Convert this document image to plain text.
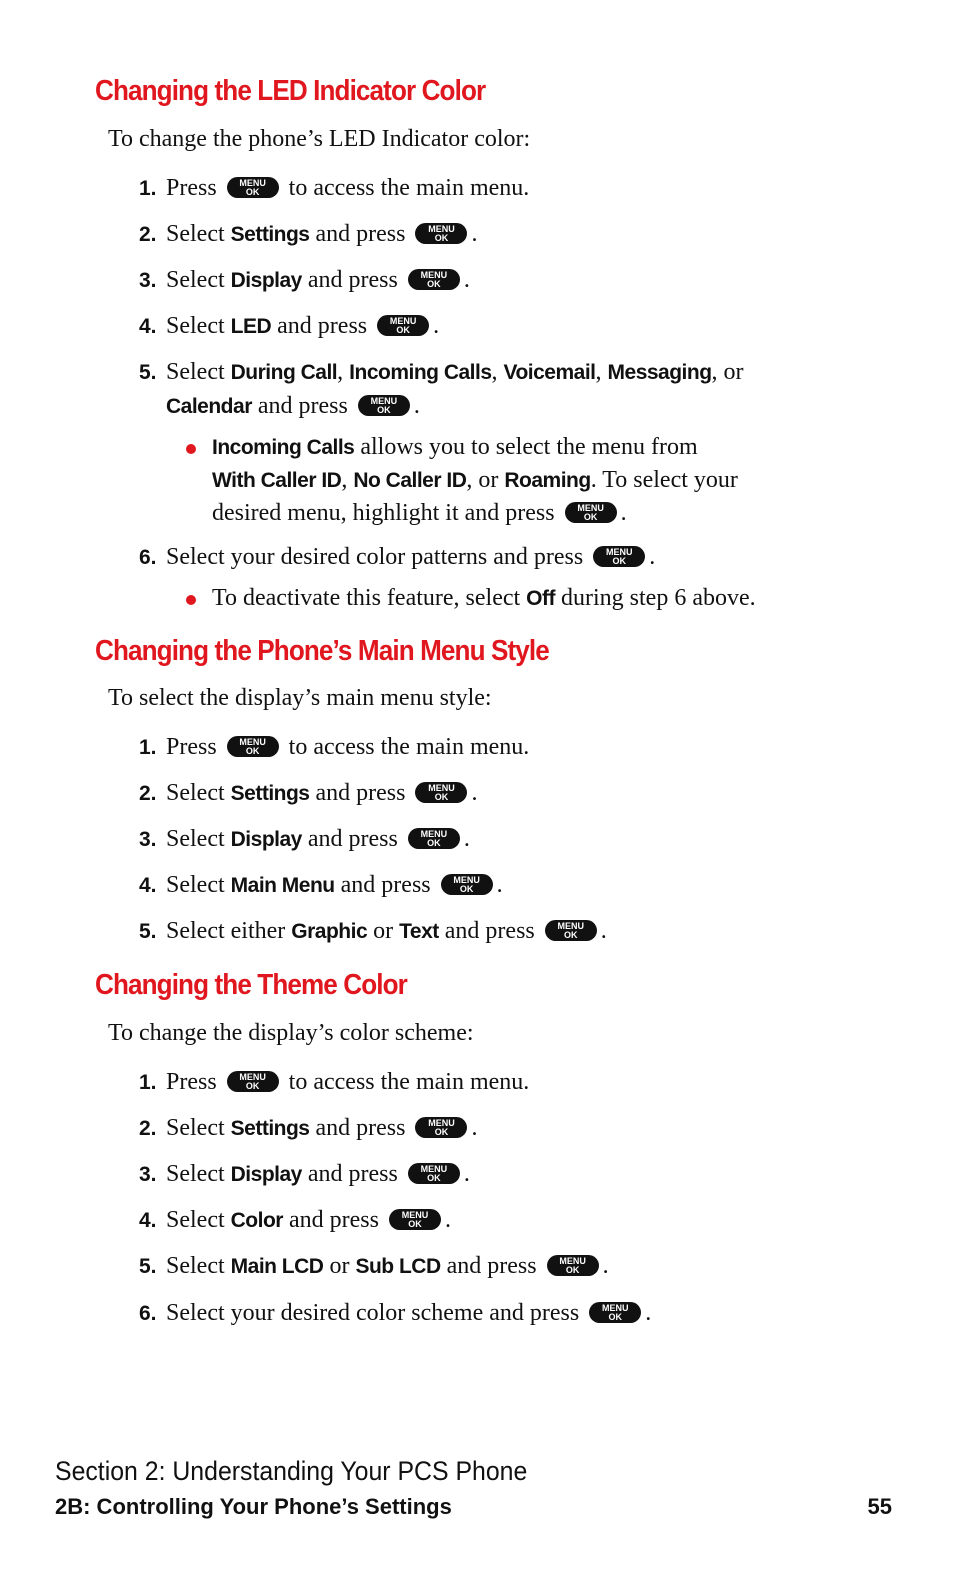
Changing the LED Indicator Color
To change the phone’s LED Indicator color:
1. Press	MENU
OK	to access the main menu.
2. Select Settings and press	MENU
OK .
3. Select Display and press	MENU
OK .
4. Select LED and press	MENU
OK .
5. Select During Call, Incoming Calls, Voicemail, Messaging, or
Calendar and press	MENU
OK .
Incoming Calls allows you to select the menu from
With Caller ID, No Caller ID, or Roaming. To select your
desired menu, highlight it and press	MENU
OK .
6. Select your desired color patterns and press	MENU
OK .
To deactivate this feature, select Off during step 6 above.
Changing the Phone’s Main Menu Style
To select the display’s main menu style:
1. Press	MENU
OK	to access the main menu.
2. Select Settings and press	MENU
OK .
3. Select Display and press	MENU
OK .
4. Select Main Menu and press	MENU
OK .
5. Select either Graphic or Text and press	MENU
OK .
Changing the Theme Color
To change the display’s color scheme:
1. Press	MENU
OK	to access the main menu.
2. Select Settings and press	MENU
OK .
3. Select Display and press	MENU
OK .
4. Select Color and press	MENU
OK .
5. Select Main LCD or Sub LCD and press	MENU
OK .
6. Select your desired color scheme and press	MENU
OK .
Section 2: Understanding Your PCS Phone
2B: Controlling Your Phone’s Settings	55
